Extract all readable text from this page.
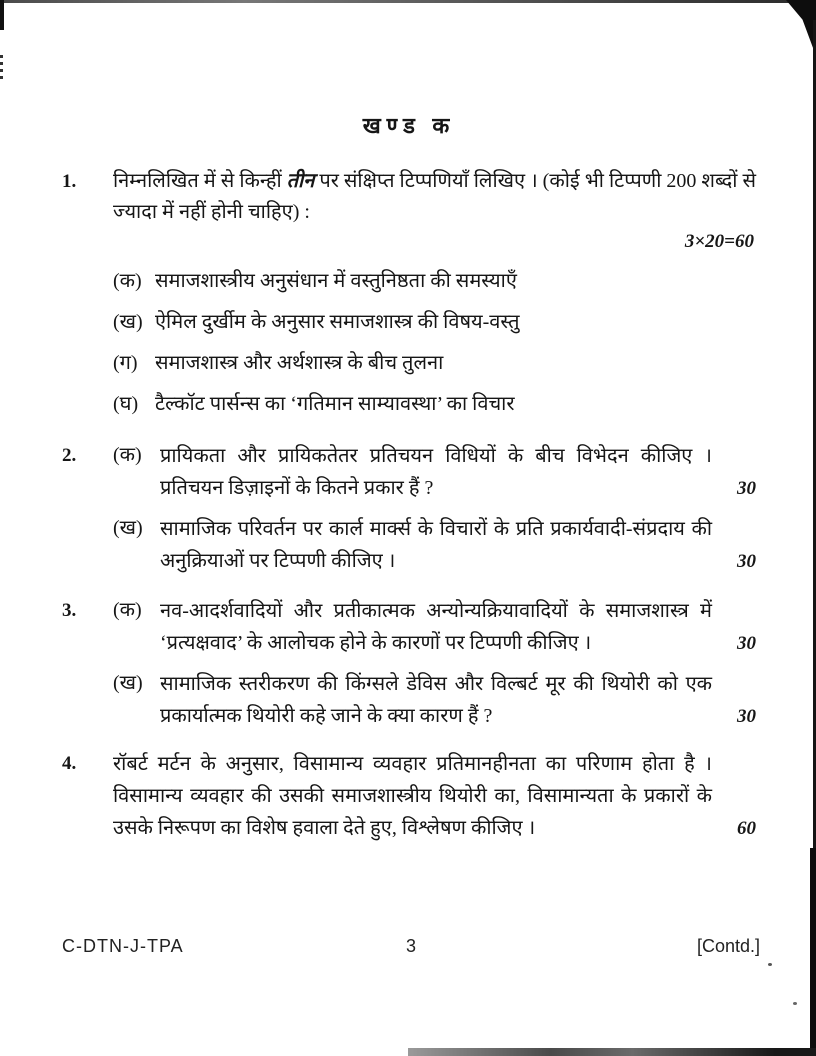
खण्ड क
1.	निम्नलिखित में से किन्हीं तीन पर संक्षिप्त टिप्पणियाँ लिखिए । (कोई भी टिप्पणी 200 शब्दों से ज्यादा में नहीं होनी चाहिए) :

3×20=60
(क) समाजशास्त्रीय अनुसंधान में वस्तुनिष्ठता की समस्याएँ
(ख) ऐमिल दुर्खीम के अनुसार समाजशास्त्र की विषय-वस्तु
(ग) समाजशास्त्र और अर्थशास्त्र के बीच तुलना
(घ) टैल्कॉट पार्सन्स का ‘गतिमान साम्यावस्था’ का विचार
2.	(क) प्रायिकता और प्रायिकतेतर प्रतिचयन विधियों के बीच विभेदन कीजिए । प्रतिचयन डिज़ाइनों के कितने प्रकार हैं ?	30
(ख) सामाजिक परिवर्तन पर कार्ल मार्क्स के विचारों के प्रति प्रकार्यवादी-संप्रदाय की अनुक्रियाओं पर टिप्पणी कीजिए ।	30
3.	(क) नव-आदर्शवादियों और प्रतीकात्मक अन्योन्यक्रियावादियों के समाजशास्त्र में ‘प्रत्यक्षवाद’ के आलोचक होने के कारणों पर टिप्पणी कीजिए ।	30
(ख) सामाजिक स्तरीकरण की किंग्सले डेविस और विल्बर्ट मूर की थियोरी को एक प्रकार्यात्मक थियोरी कहे जाने के क्या कारण हैं ?	30
4.	रॉबर्ट मर्टन के अनुसार, विसामान्य व्यवहार प्रतिमानहीनता का परिणाम होता है । विसामान्य व्यवहार की उसकी समाजशास्त्रीय थियोरी का, विसामान्यता के प्रकारों के उसके निरूपण का विशेष हवाला देते हुए, विश्लेषण कीजिए ।	60
C-DTN-J-TPA	3	[Contd.]
